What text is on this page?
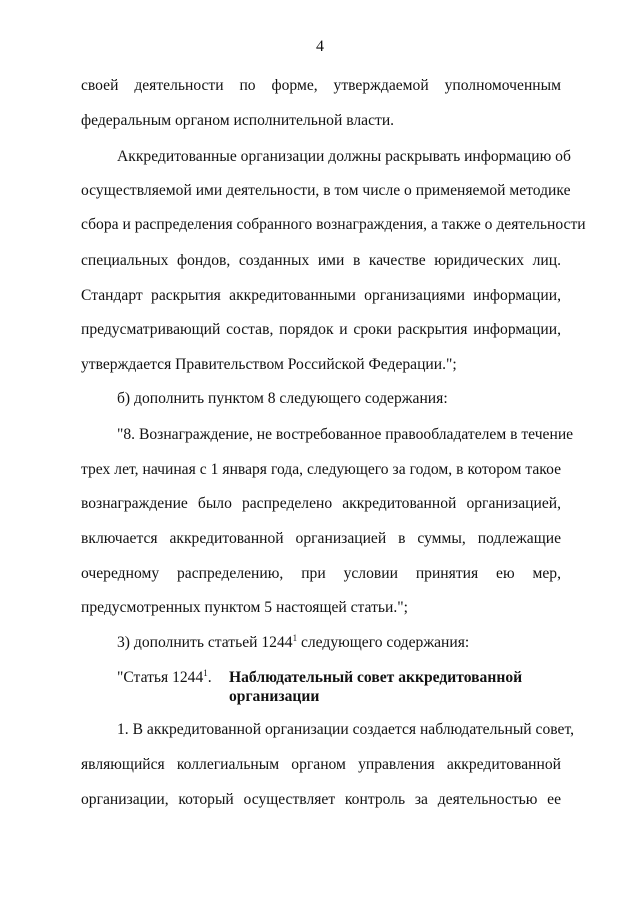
4
своей деятельности по форме, утверждаемой уполномоченным
федеральным органом исполнительной власти.
Аккредитованные организации должны раскрывать информацию об
осуществляемой ими деятельности, в том числе о применяемой методике
сбора и распределения собранного вознаграждения, а также о деятельности
специальных фондов, созданных ими в качестве юридических лиц.
Стандарт раскрытия аккредитованными организациями информации,
предусматривающий состав, порядок и сроки раскрытия информации,
утверждается Правительством Российской Федерации.";
б) дополнить пунктом 8 следующего содержания:
"8. Вознаграждение, не востребованное правообладателем в течение
трех лет, начиная с 1 января года, следующего за годом, в котором такое
вознаграждение было распределено аккредитованной организацией,
включается аккредитованной организацией в суммы, подлежащие
очередному распределению, при условии принятия ею мер,
предусмотренных пунктом 5 настоящей статьи.";
3) дополнить статьей 1244$^1$ следующего содержания:
"Статья 1244$^1$. Наблюдательный совет аккредитованной организации
1. В аккредитованной организации создается наблюдательный совет,
являющийся коллегиальным органом управления аккредитованной
организации, который осуществляет контроль за деятельностью ее
